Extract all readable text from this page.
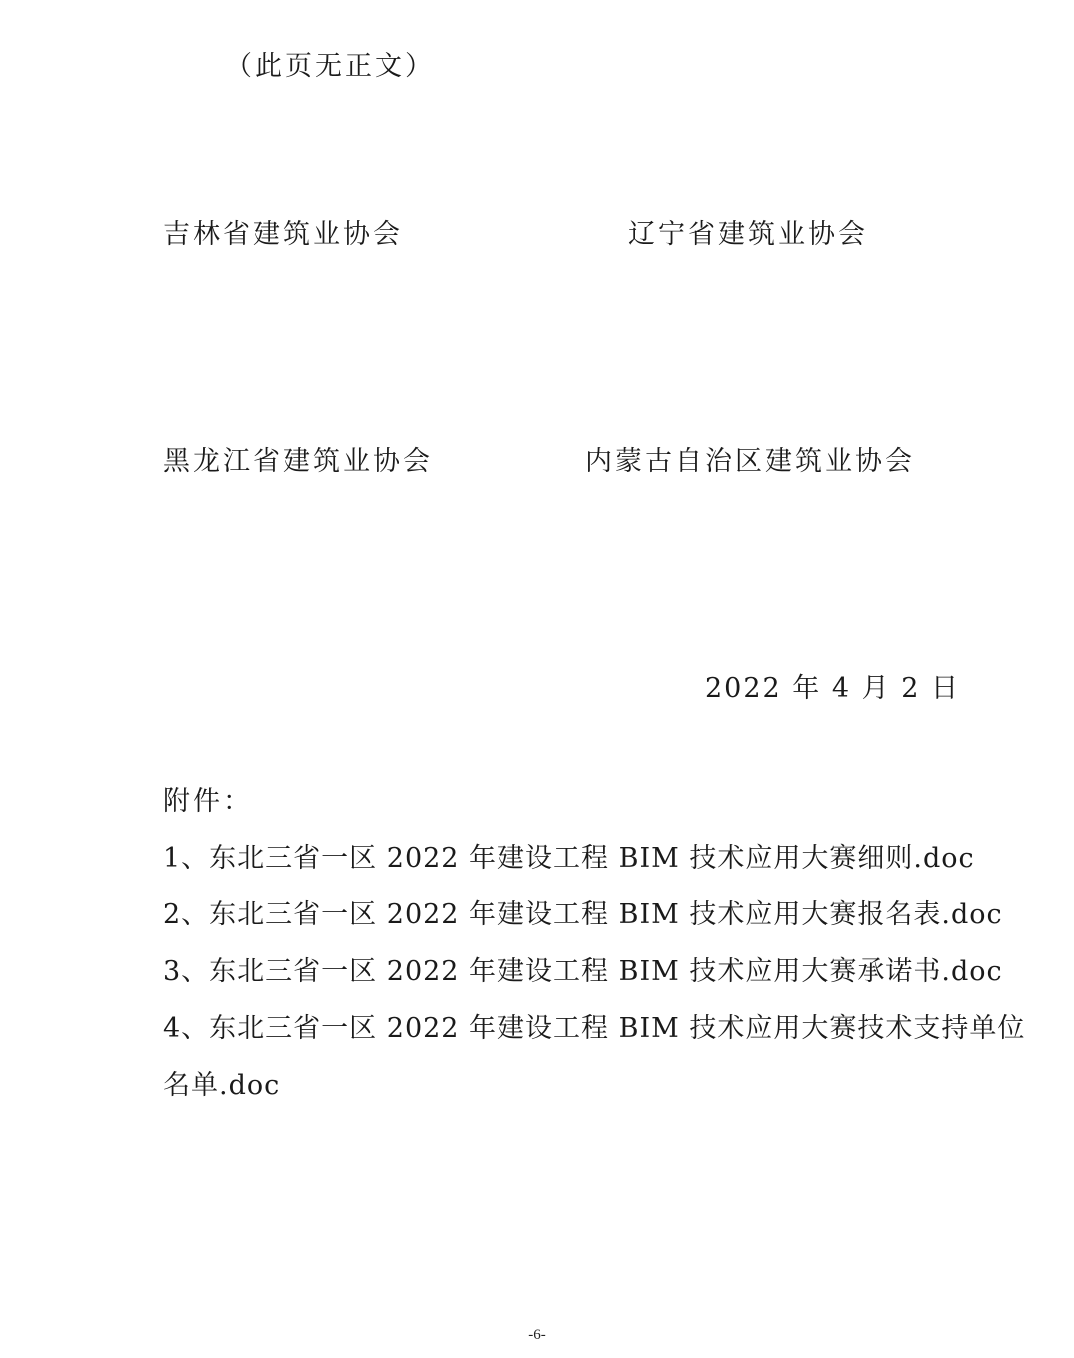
（此页无正文）
吉林省建筑业协会	辽宁省建筑业协会
黑龙江省建筑业协会	内蒙古自治区建筑业协会
2022 年 4 月 2 日
附件：
1、东北三省一区 2022 年建设工程 BIM 技术应用大赛细则.doc
2、东北三省一区 2022 年建设工程 BIM 技术应用大赛报名表.doc
3、东北三省一区 2022 年建设工程 BIM 技术应用大赛承诺书.doc
4、东北三省一区 2022 年建设工程 BIM 技术应用大赛技术支持单位
名单.doc
-6-
